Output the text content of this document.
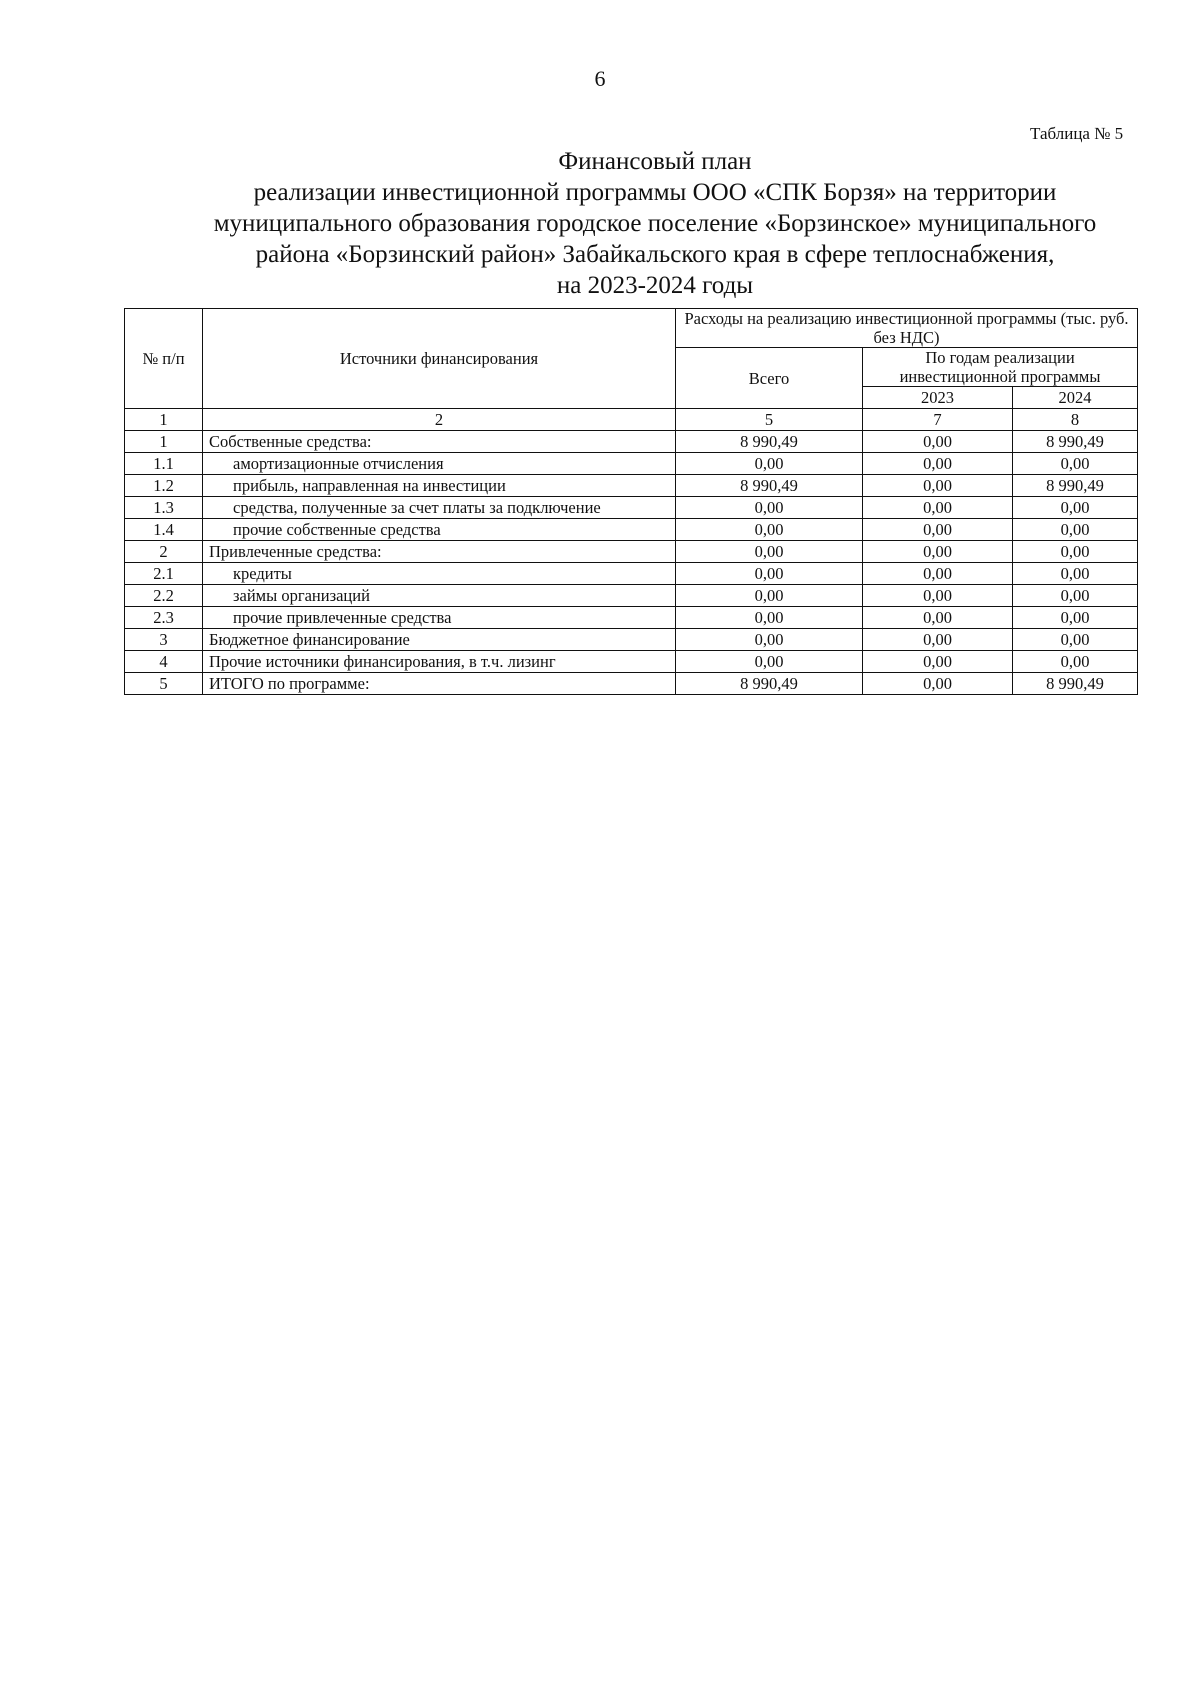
6
Таблица № 5
Финансовый план
реализации инвестиционной программы ООО «СПК Борзя» на территории
муниципального образования городское поселение «Борзинское» муниципального
района «Борзинский район» Забайкальского края в сфере теплоснабжения,
на 2023-2024 годы
№ п/п	Источники финансирования	Расходы на реализацию инвестиционной программы (тыс. руб. без НДС)		
		Всего	По годам реализации инвестиционной программы	
			2023	2024
1	2	5	7	8
1	Собственные средства:	8 990,49	0,00	8 990,49
1.1	амортизационные отчисления	0,00	0,00	0,00
1.2	прибыль, направленная на инвестиции	8 990,49	0,00	8 990,49
1.3	средства, полученные за счет платы за подключение	0,00	0,00	0,00
1.4	прочие собственные средства	0,00	0,00	0,00
2	Привлеченные средства:	0,00	0,00	0,00
2.1	кредиты	0,00	0,00	0,00
2.2	займы организаций	0,00	0,00	0,00
2.3	прочие привлеченные средства	0,00	0,00	0,00
3	Бюджетное финансирование	0,00	0,00	0,00
4	Прочие источники финансирования, в т.ч. лизинг	0,00	0,00	0,00
5	ИТОГО по программе:	8 990,49	0,00	8 990,49
